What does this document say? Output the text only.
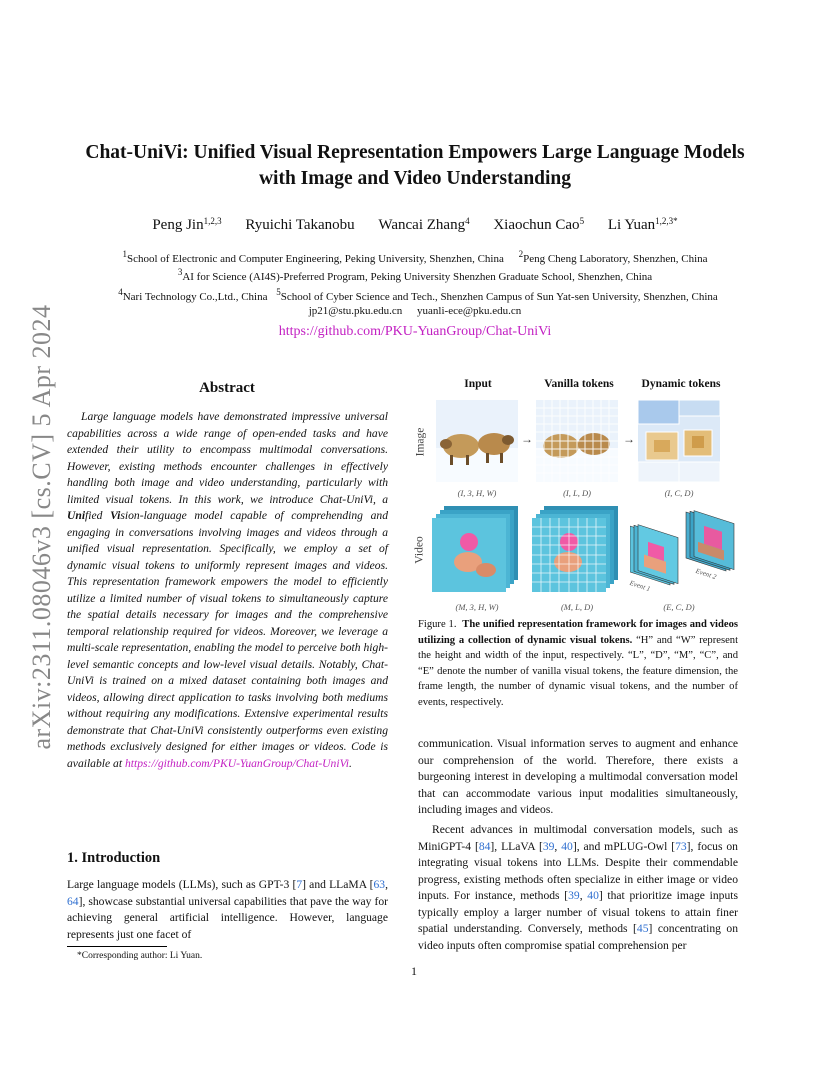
arXiv:2311.08046v3 [cs.CV] 5 Apr 2024
Chat-UniVi: Unified Visual Representation Empowers Large Language Models
with Image and Video Understanding
Peng Jin$^{1,2,3}$ Ryuichi Takanobu Wancai Zhang$^4$ Xiaochun Cao$^5$ Li Yuan$^{1,2,3*}$
$^1$School of Electronic and Computer Engineering, Peking University, Shenzhen, China $^2$Peng Cheng Laboratory, Shenzhen, China
$^3$AI for Science (AI4S)-Preferred Program, Peking University Shenzhen Graduate School, Shenzhen, China
$^4$Nari Technology Co.,Ltd., China $^5$School of Cyber Science and Tech., Shenzhen Campus of Sun Yat-sen University, Shenzhen, China
jp21@stu.pku.edu.cn yuanli-ece@pku.edu.cn
https://github.com/PKU-YuanGroup/Chat-UniVi
Abstract
Large language models have demonstrated impressive universal capabilities across a wide range of open-ended tasks and have extended their utility to encompass multimodal conversations. However, existing methods encounter challenges in effectively handling both image and video understanding, particularly with limited visual tokens. In this work, we introduce Chat-UniVi, a Unified Vision-language model capable of comprehending and engaging in conversations involving images and videos through a unified visual representation. Specifically, we employ a set of dynamic visual tokens to uniformly represent images and videos. This representation framework empowers the model to efficiently utilize a limited number of visual tokens to simultaneously capture the spatial details necessary for images and the comprehensive temporal relationship required for videos. Moreover, we leverage a multi-scale representation, enabling the model to perceive both high-level semantic concepts and low-level visual details. Notably, Chat-UniVi is trained on a mixed dataset containing both images and videos, allowing direct application to tasks involving both mediums without requiring any modifications. Extensive experimental results demonstrate that Chat-UniVi consistently outperforms even existing methods exclusively designed for either images or videos. Code is available at https://github.com/PKU-YuanGroup/Chat-UniVi.
1. Introduction
Large language models (LLMs), such as GPT-3 [7] and LLaMA [63, 64], showcase substantial universal capabilities that pave the way for achieving general artificial intelligence. However, language represents just one facet of
*Corresponding author: Li Yuan.
Input	Vanilla tokens	Dynamic tokens
Image
Video
→	→
(I, 3, H, W)	(I, L, D)	(I, C, D)
(M, 3, H, W)	(M, L, D)	(E, C, D)
Event 1
Event 2
Figure 1. The unified representation framework for images and videos utilizing a collection of dynamic visual tokens. “H” and “W” represent the height and width of the input, respectively. “L”, “D”, “M”, “C”, and “E” denote the number of vanilla visual tokens, the feature dimension, the frame length, the number of dynamic visual tokens, and the number of events, respectively.
communication. Visual information serves to augment and enhance our comprehension of the world. Therefore, there exists a burgeoning interest in developing a multimodal conversation model that can accommodate various input modalities simultaneously, including images and videos.
Recent advances in multimodal conversation models, such as MiniGPT-4 [84], LLaVA [39, 40], and mPLUG-Owl [73], focus on integrating visual tokens into LLMs. Despite their commendable progress, existing methods often specialize in either image or video inputs. For instance, methods [39, 40] that prioritize image inputs typically employ a larger number of visual tokens to attain finer spatial understanding. Conversely, methods [45] concentrating on video inputs often compromise spatial comprehension per
1
